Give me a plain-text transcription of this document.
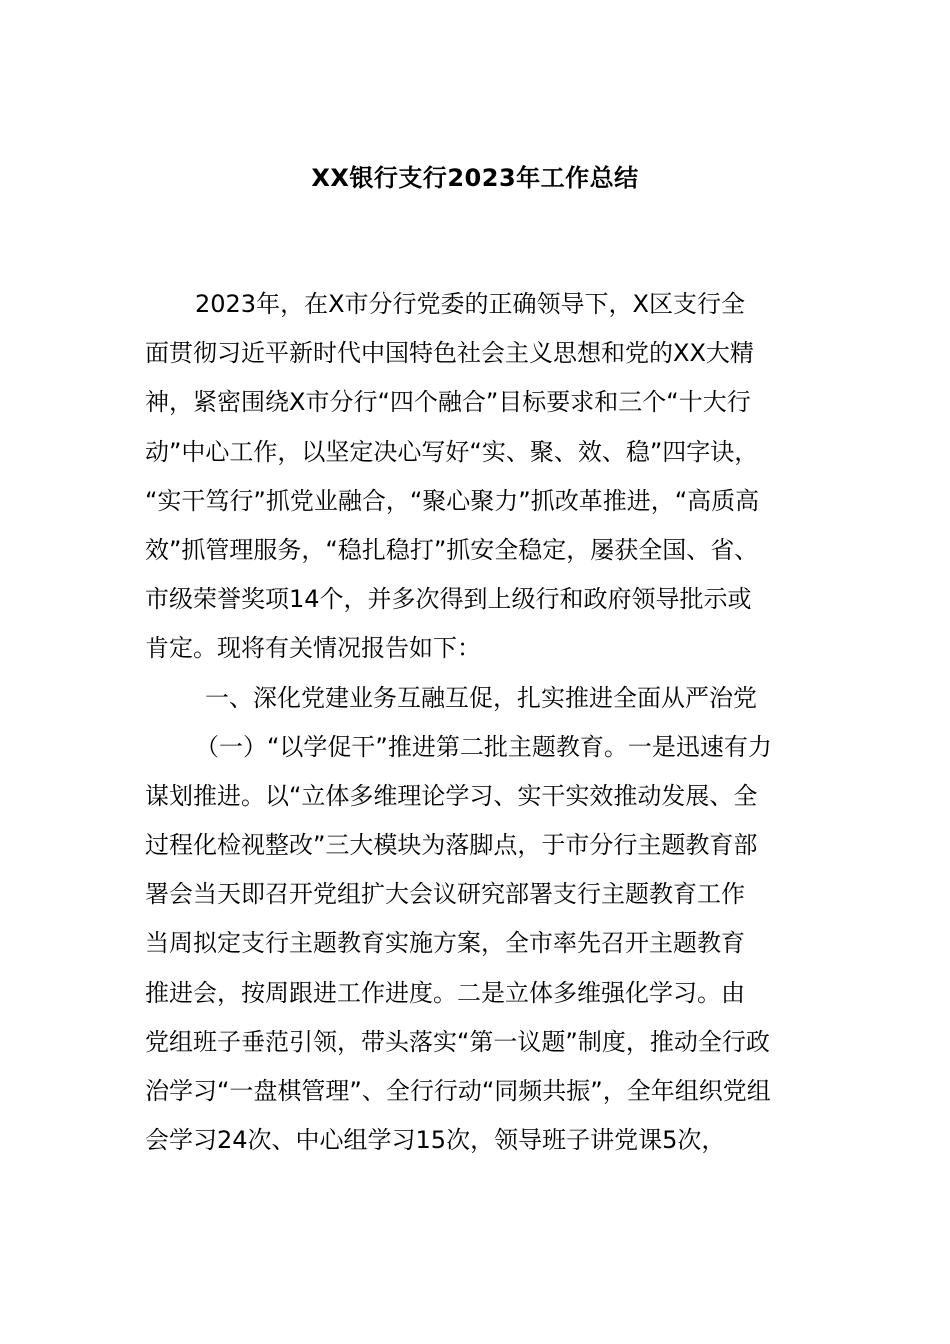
XX银行支行2023年工作总结
2023年，在X市分行党委的正确领导下，X区支行全
面贯彻习近平新时代中国特色社会主义思想和党的XX大精
神，紧密围绕X市分行“四个融合”目标要求和三个“十大行
动”中心工作，以坚定决心写好“实、聚、效、稳”四字诀，
“实干笃行”抓党业融合，“聚心聚力”抓改革推进，“高质高
效”抓管理服务，“稳扎稳打”抓安全稳定，屡获全国、省、
市级荣誉奖项14个，并多次得到上级行和政府领导批示或
肯定。现将有关情况报告如下：
一、深化党建业务互融互促，扎实推进全面从严治党
（一）“以学促干”推进第二批主题教育。一是迅速有力
谋划推进。以“立体多维理论学习、实干实效推动发展、全
过程化检视整改”三大模块为落脚点，于市分行主题教育部
署会当天即召开党组扩大会议研究部署支行主题教育工作
当周拟定支行主题教育实施方案，全市率先召开主题教育
推进会，按周跟进工作进度。二是立体多维强化学习。由
党组班子垂范引领，带头落实“第一议题”制度，推动全行政
治学习“一盘棋管理”、全行行动“同频共振”，全年组织党组
会学习24次、中心组学习15次，领导班子讲党课5次，
